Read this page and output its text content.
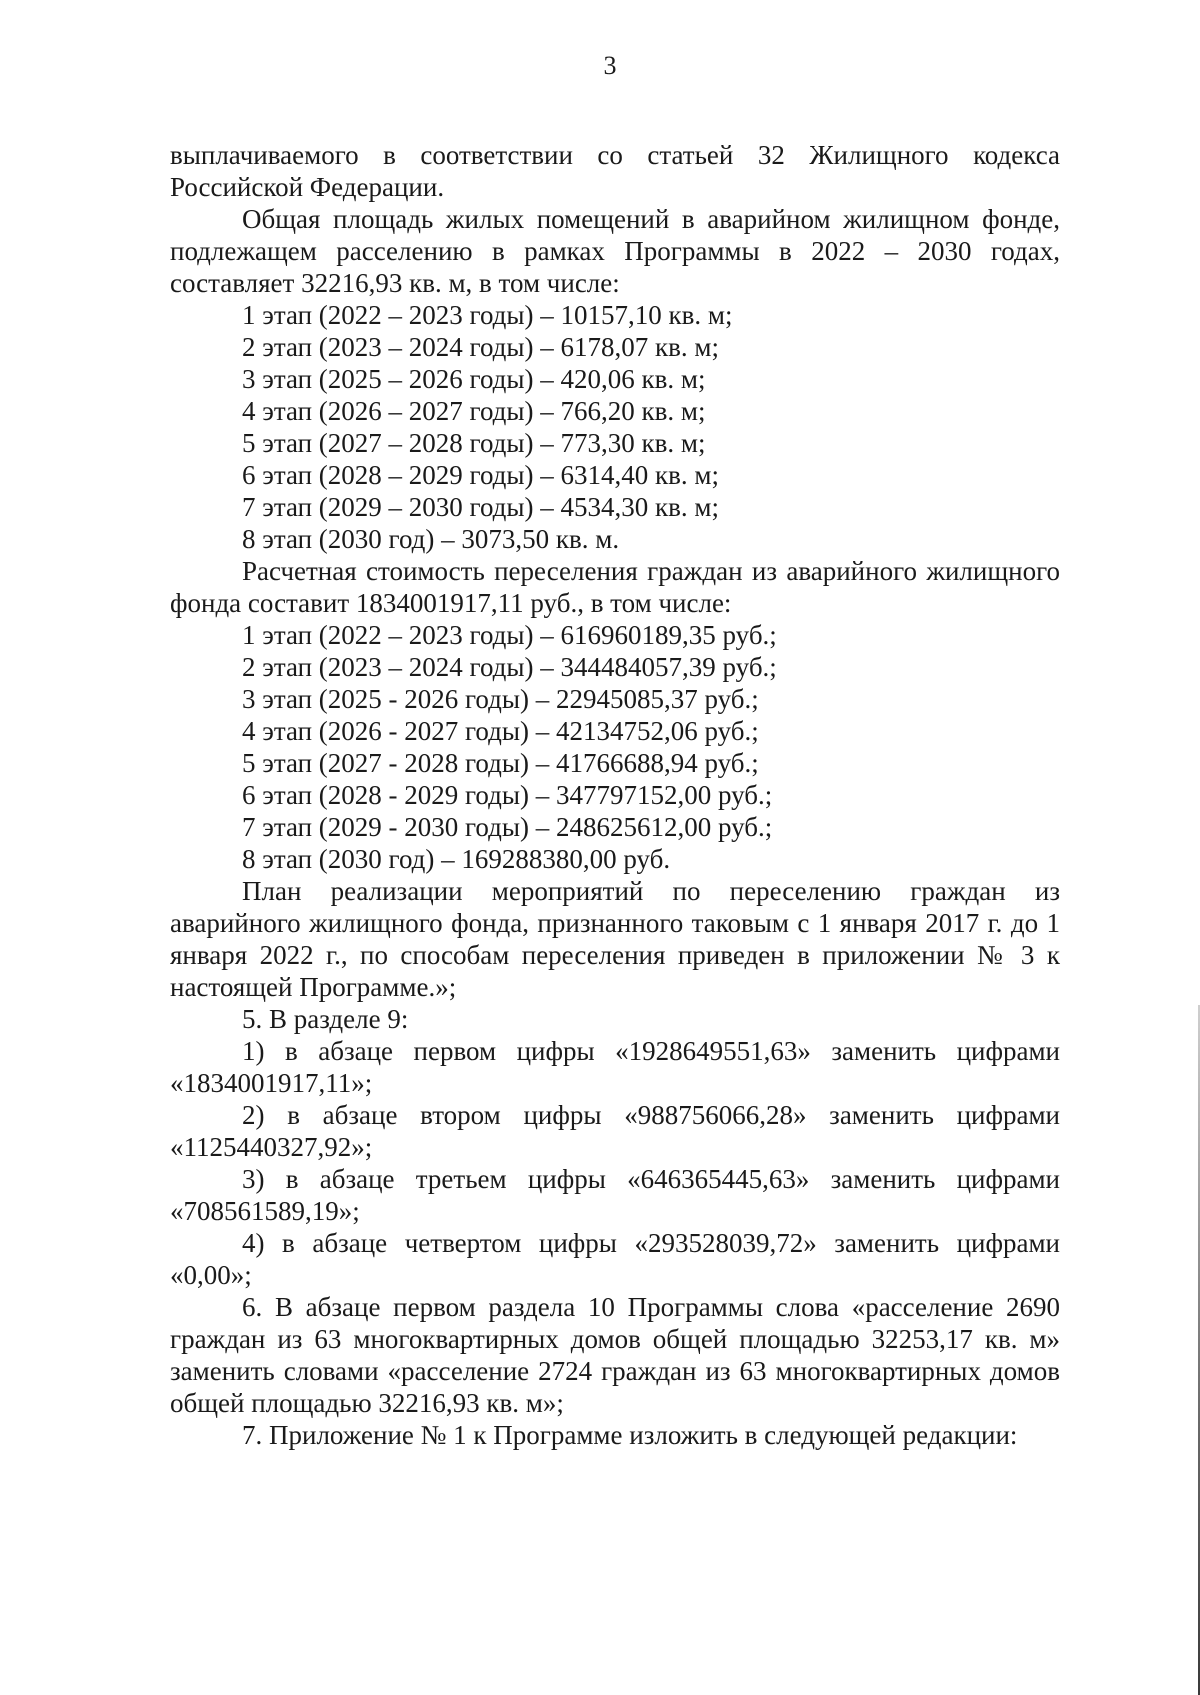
3

выплачиваемого в соответствии со статьей 32 Жилищного кодекса Российской Федерации.

Общая площадь жилых помещений в аварийном жилищном фонде, подлежащем расселению в рамках Программы в 2022 – 2030 годах, составляет 32216,93 кв. м, в том числе:

1 этап (2022 – 2023 годы) – 10157,10 кв. м;

2 этап (2023 – 2024 годы) – 6178,07 кв. м;

3 этап (2025 – 2026 годы) – 420,06 кв. м;

4 этап (2026 – 2027 годы) – 766,20 кв. м;

5 этап (2027 – 2028 годы) – 773,30 кв. м;

6 этап (2028 – 2029 годы) – 6314,40 кв. м;

7 этап (2029 – 2030 годы) – 4534,30 кв. м;

8 этап (2030 год) – 3073,50 кв. м.

Расчетная стоимость переселения граждан из аварийного жилищного фонда составит 1834001917,11 руб., в том числе:

1 этап (2022 – 2023 годы) – 616960189,35 руб.;

2 этап (2023 – 2024 годы) – 344484057,39 руб.;

3 этап (2025 - 2026 годы) – 22945085,37 руб.;

4 этап (2026 - 2027 годы) – 42134752,06 руб.;

5 этап (2027 - 2028 годы) – 41766688,94 руб.;

6 этап (2028 - 2029 годы) – 347797152,00 руб.;

7 этап (2029 - 2030 годы) – 248625612,00 руб.;

8 этап (2030 год) – 169288380,00 руб.

План реализации мероприятий по переселению граждан из аварийного жилищного фонда, признанного таковым с 1 января 2017 г. до 1 января 2022 г., по способам переселения приведен в приложении № 3 к настоящей Программе.»;

5. В разделе 9:

1) в абзаце первом цифры «1928649551,63» заменить цифрами «1834001917,11»;

2) в абзаце втором цифры «988756066,28» заменить цифрами «1125440327,92»;

3) в абзаце третьем цифры «646365445,63» заменить цифрами «708561589,19»;

4) в абзаце четвертом цифры «293528039,72» заменить цифрами «0,00»;

6. В абзаце первом раздела 10 Программы слова «расселение 2690 граждан из 63 многоквартирных домов общей площадью 32253,17 кв. м» заменить словами «расселение 2724 граждан из 63 многоквартирных домов общей площадью 32216,93 кв. м»;

7. Приложение № 1 к Программе изложить в следующей редакции:
